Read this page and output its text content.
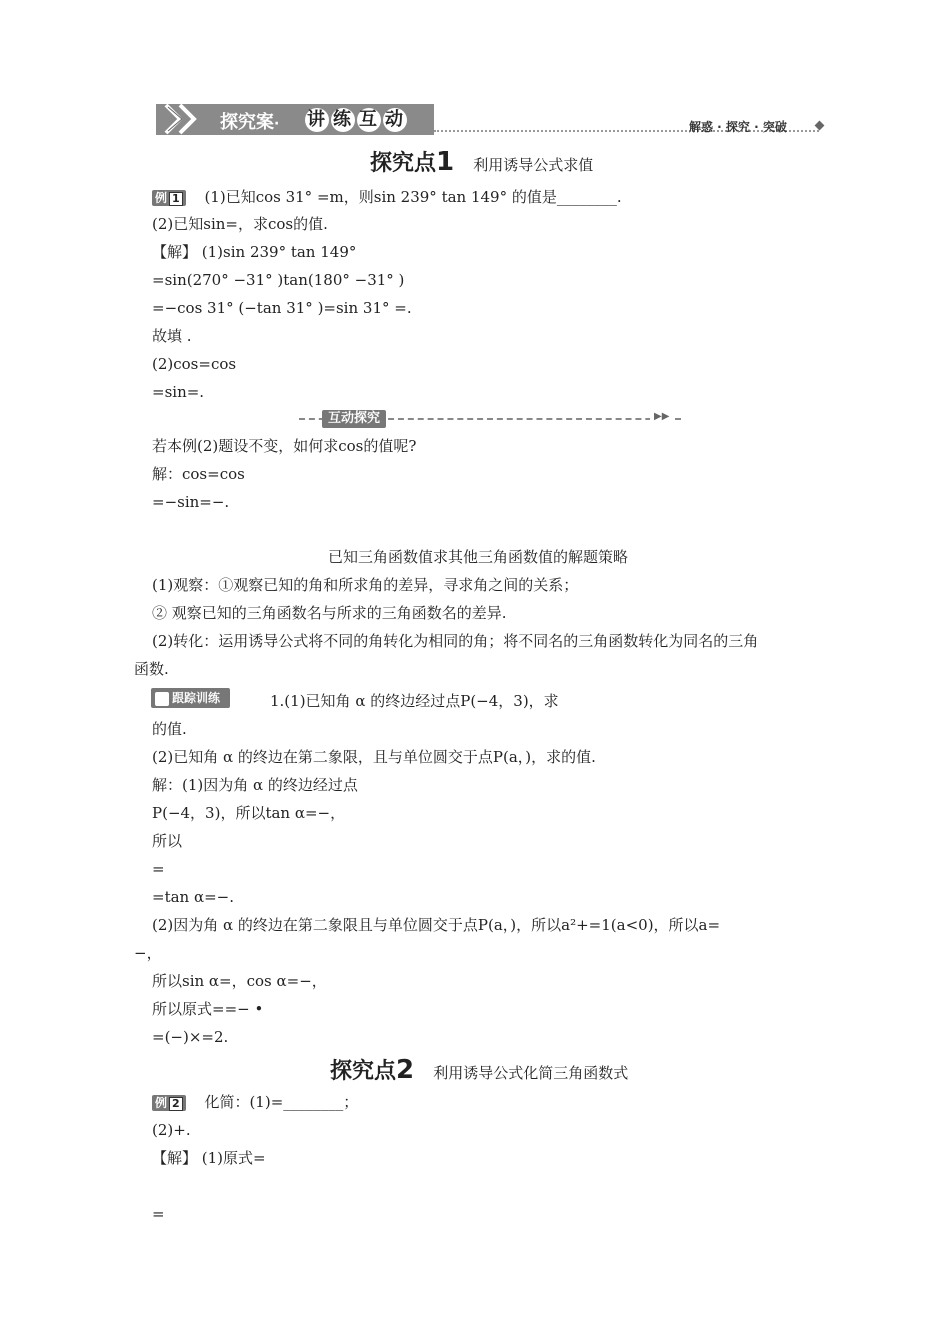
探究案· 讲 练 互 动	解惑 · 探究 · 突破
探究点1 利用诱导公式求值
例 1 (1)已知cos 31° =m，则sin 239° tan 149° 的值是________.
(2)已知sin=，求cos的值.
【解】 (1)sin 239° tan 149°
=sin(270° −31° )tan(180° −31° )
=−cos 31° (−tan 31° )=sin 31° =.
故填 .
(2)cos=cos
=sin=.
互动探究	▶▶
若本例(2)题设不变，如何求cos的值呢?
解：cos=cos
=−sin=−.
已知三角函数值求其他三角函数值的解题策略
(1)观察：①观察已知的角和所求角的差异，寻求角之间的关系；
② 观察已知的三角函数名与所求的三角函数名的差异.
(2)转化：运用诱导公式将不同的角转化为相同的角；将不同名的三角函数转化为同名的三角
函数.
跟踪训练	1.(1)已知角 α 的终边经过点P(−4，3)，求
的值.
(2)已知角 α 的终边在第二象限，且与单位圆交于点P(a，)，求的值.
解：(1)因为角 α 的终边经过点
P(−4，3)，所以tan α=−，
所以
=
=tan α=−.
(2)因为角 α 的终边在第二象限且与单位圆交于点P(a，)，所以a²+=1(a<0)，所以a=
−，
所以sin α=，cos α=−，
所以原式==− •
=(−)×=2.
探究点2 利用诱导公式化简三角函数式
例 2 化简：(1)=________；
(2)+.
【解】 (1)原式=
=
